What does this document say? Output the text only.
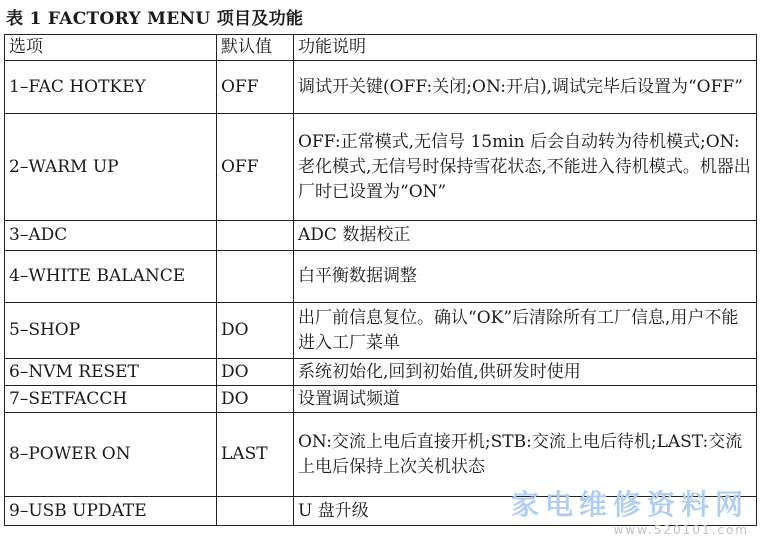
表 1 FACTORY MENU 项目及功能
选项	默认值	功能说明
1–FAC HOTKEY	OFF	调试开关键(OFF:关闭;ON:开启),调试完毕后设置为“OFF”
2–WARM UP	OFF	OFF:正常模式,无信号 15min 后会自动转为待机模式;ON:老化模式,无信号时保持雪花状态,不能进入待机模式。机器出厂时已设置为“ON”
3–ADC		ADC 数据校正
4–WHITE BALANCE		白平衡数据调整
5–SHOP	DO	出厂前信息复位。确认“OK”后清除所有工厂信息,用户不能进入工厂菜单
6–NVM RESET	DO	系统初始化,回到初始值,供研发时使用
7–SETFACCH	DO	设置调试频道
8–POWER ON	LAST	ON:交流上电后直接开机;STB:交流上电后待机;LAST:交流上电后保持上次关机状态
9–USB UPDATE		U 盘升级	家电维修资料网
www.520101.com
